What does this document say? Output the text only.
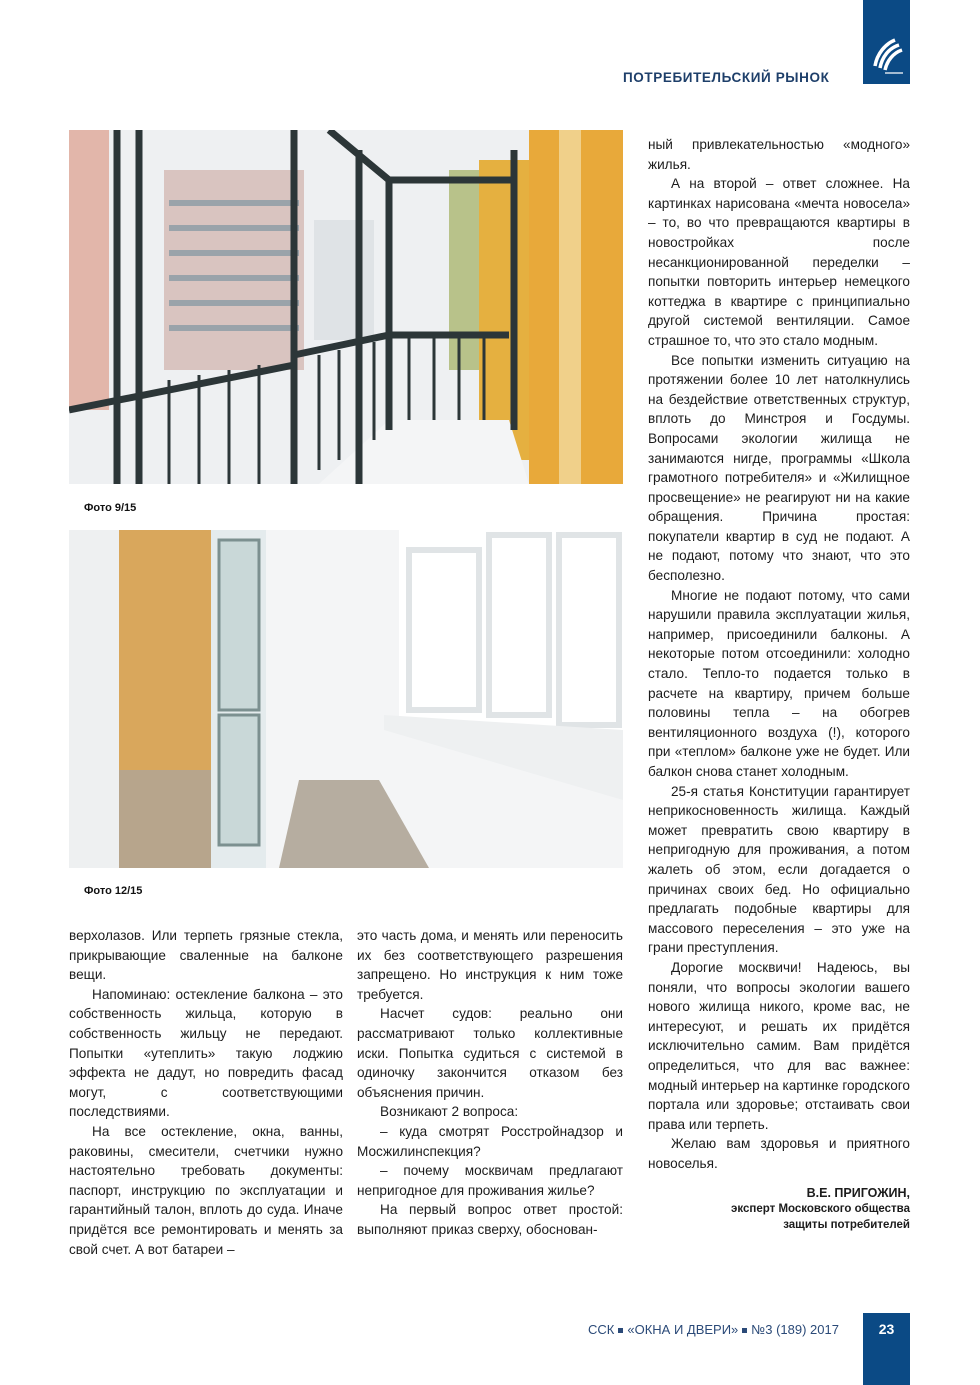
ПОТРЕБИТЕЛЬСКИЙ РЫНОК
Фото 9/15
Фото 12/15

верхолазов. Или терпеть грязные стекла, прикрывающие сваленные на балконе вещи.

Напоминаю: остекление балкона – это собственность жильца, которую в собственность жильцу не передают. Попытки «утеплить» такую лоджию эффекта не дадут, но повредить фасад могут, с соответствующими последствиями.

На все остекление, окна, ванны, раковины, смесители, счетчики нужно настоятельно требовать документы: паспорт, инструкцию по эксплуатации и гарантийный талон, вплоть до суда. Иначе придётся все ремонтировать и менять за свой счет. А вот батареи –

это часть дома, и менять или переносить их без соответствующего разрешения запрещено. Но инструкция к ним тоже требуется.

Насчет судов: реально они рассматривают только коллективные иски. Попытка судиться с системой в одиночку закончится отказом без объяснения причин.

Возникают 2 вопроса:

– куда смотрят Росстройнадзор и Мосжилинспекция?

– почему москвичам предлагают непригодное для проживания жилье?

На первый вопрос ответ простой: выполняют приказ сверху, обоснован-

ный привлекательностью «модного» жилья.

А на второй – ответ сложнее. На картинках нарисована «мечта новосела» – то, во что превращаются квартиры в новостройках после несанкционированной переделки – попытки повторить интерьер немецкого коттеджа в квартире с принципиально другой системой вентиляции. Самое страшное то, что это стало модным.

Все попытки изменить ситуацию на протяжении более 10 лет натолкнулись на бездействие ответственных структур, вплоть до Минстроя и Госдумы. Вопросами экологии жилища не занимаются нигде, программы «Школа грамотного потребителя» и «Жилищное просвещение» не реагируют ни на какие обращения. Причина простая: покупатели квартир в суд не подают. А не подают, потому что знают, что это бесполезно.

Многие не подают потому, что сами нарушили правила эксплуатации жилья, например, присоединили балконы. А некоторые потом отсоединили: холодно стало. Тепло-то подается только в расчете на квартиру, причем больше половины тепла – на обогрев вентиляционного воздуха (!), которого при «теплом» балконе уже не будет. Или балкон снова станет холодным.

25-я статья Конституции гарантирует неприкосновенность жилища. Каждый может превратить свою квартиру в непригодную для проживания, а потом жалеть об этом, если догадается о причинах своих бед. Но официально предлагать подобные квартиры для массового переселения – это уже на грани преступления.

Дорогие москвичи! Надеюсь, вы поняли, что вопросы экологии вашего нового жилища никого, кроме вас, не интересуют, и решать их придётся исключительно самим. Вам придётся определиться, что для вас важнее: модный интерьер на картинке городского портала или здоровье; отстаивать свои права или терпеть.

Желаю вам здоровья и приятного новоселья.

В.Е. ПРИГОЖИН,
эксперт Московского общества
защиты потребителей
ССК «ОКНА И ДВЕРИ» №3 (189) 2017	23
